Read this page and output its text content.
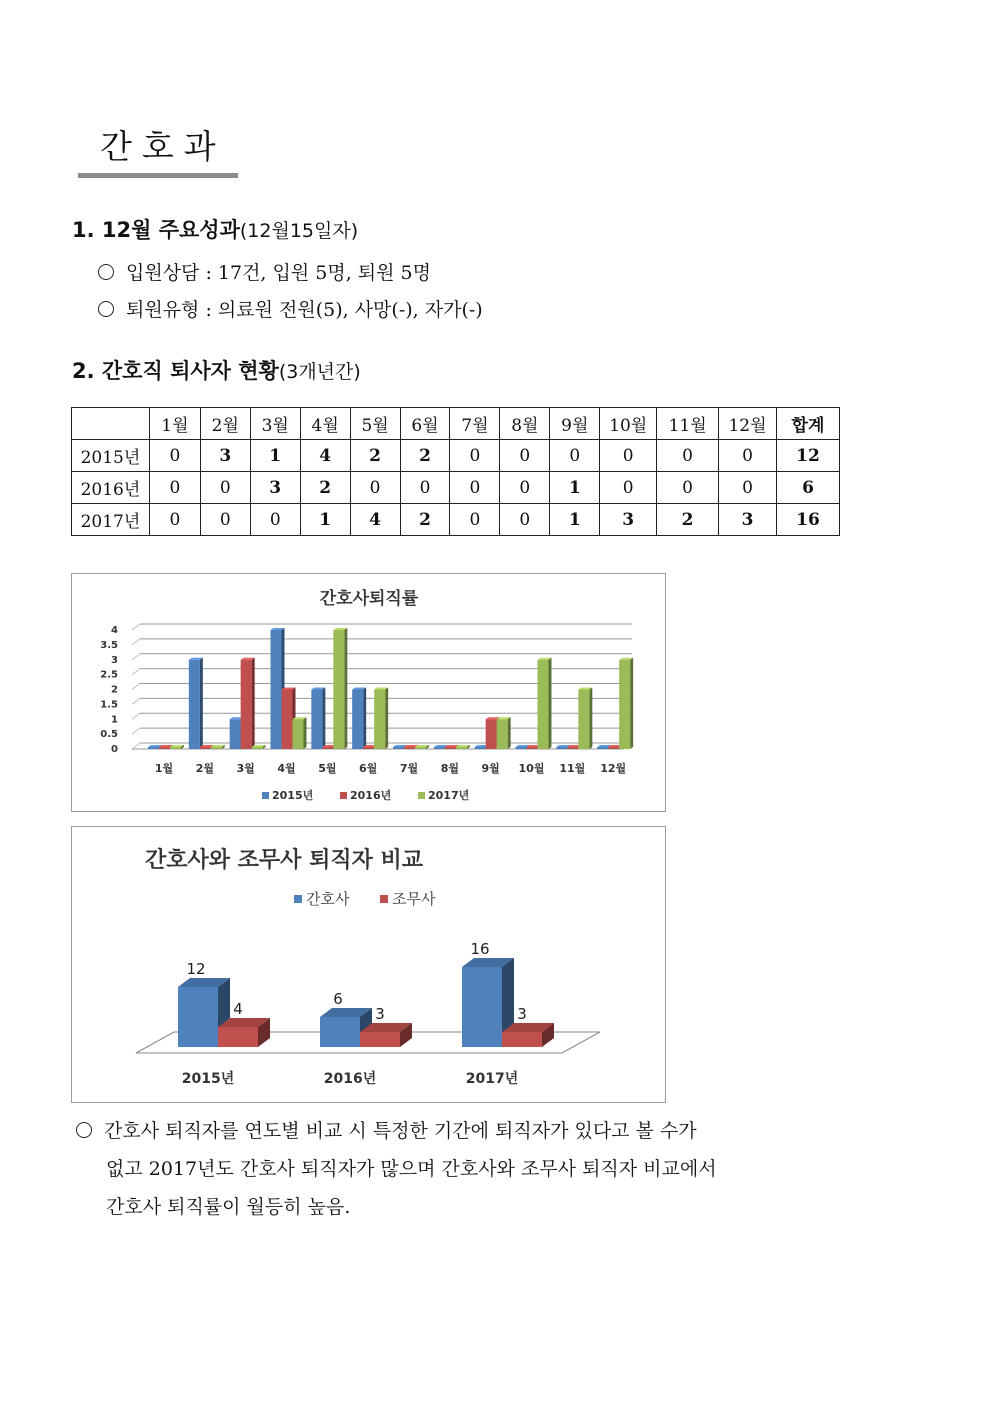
간호과
1. 12월 주요성과(12월15일자)
입원상담 : 17건, 입원 5명, 퇴원 5명
퇴원유형 : 의료원 전원(5), 사망(-), 자가(-)
2. 간호직 퇴사자 현황(3개년간)
	1월	2월	3월	4월	5월	6월	7월	8월	9월	10월	11월	12월	합계
2015년	0	3	1	4	2	2	0	0	0	0	0	0	12
2016년	0	0	3	2	0	0	0	0	1	0	0	0	6
2017년	0	0	0	1	4	2	0	0	1	3	2	3	16
간호사퇴직률
0
0.5
1
1.5
2
2.5
3
3.5
4
1월 2월 3월 4월 5월 6월 7월 8월 9월 10월 11월 12월
2015년	2016년	2017년
간호사와 조무사 퇴직자 비교
간호사	조무사
12
4
6
3
16
3
2015년	2016년	2017년
간호사 퇴직자를 연도별 비교 시 특정한 기간에 퇴직자가 있다고 볼 수가
없고 2017년도 간호사 퇴직자가 많으며 간호사와 조무사 퇴직자 비교에서
간호사 퇴직률이 월등히 높음.
